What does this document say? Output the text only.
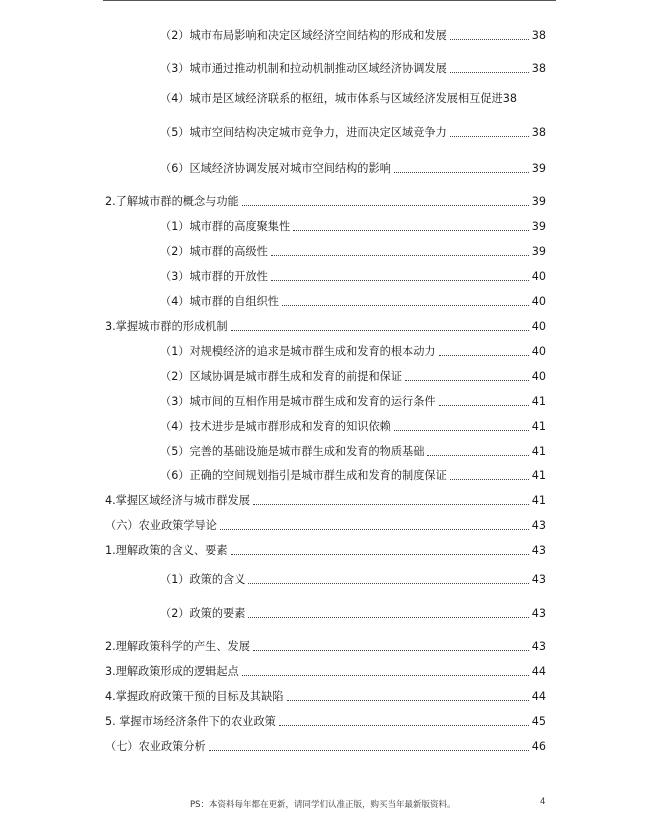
（2）城市布局影响和决定区域经济空间结构的形成和发展	38
（3）城市通过推动机制和拉动机制推动区域经济协调发展	38
（4）城市是区域经济联系的枢纽，城市体系与区域经济发展相互促进 38
（5）城市空间结构决定城市竞争力，进而决定区域竞争力	38
（6）区域经济协调发展对城市空间结构的影响	39
2.了解城市群的概念与功能	39
（1）城市群的高度聚集性	39
（2）城市群的高级性	39
（3）城市群的开放性	40
（4）城市群的自组织性	40
3.掌握城市群的形成机制	40
（1）对规模经济的追求是城市群生成和发育的根本动力	40
（2）区域协调是城市群生成和发育的前提和保证	40
（3）城市间的互相作用是城市群生成和发育的运行条件	41
（4）技术进步是城市群形成和发育的知识依赖	41
（5）完善的基础设施是城市群生成和发育的物质基础	41
（6）正确的空间规划指引是城市群生成和发育的制度保证	41
4.掌握区域经济与城市群发展	41
（六）农业政策学导论	43
1.理解政策的含义、要素	43
（1）政策的含义	43
（2）政策的要素	43
2.理解政策科学的产生、发展	43
3.理解政策形成的逻辑起点	44
4.掌握政府政策干预的目标及其缺陷	44
5. 掌握市场经济条件下的农业政策	45
（七）农业政策分析	46
PS：本资料每年都在更新，请同学们认准正版，购买当年最新版资料。	4
